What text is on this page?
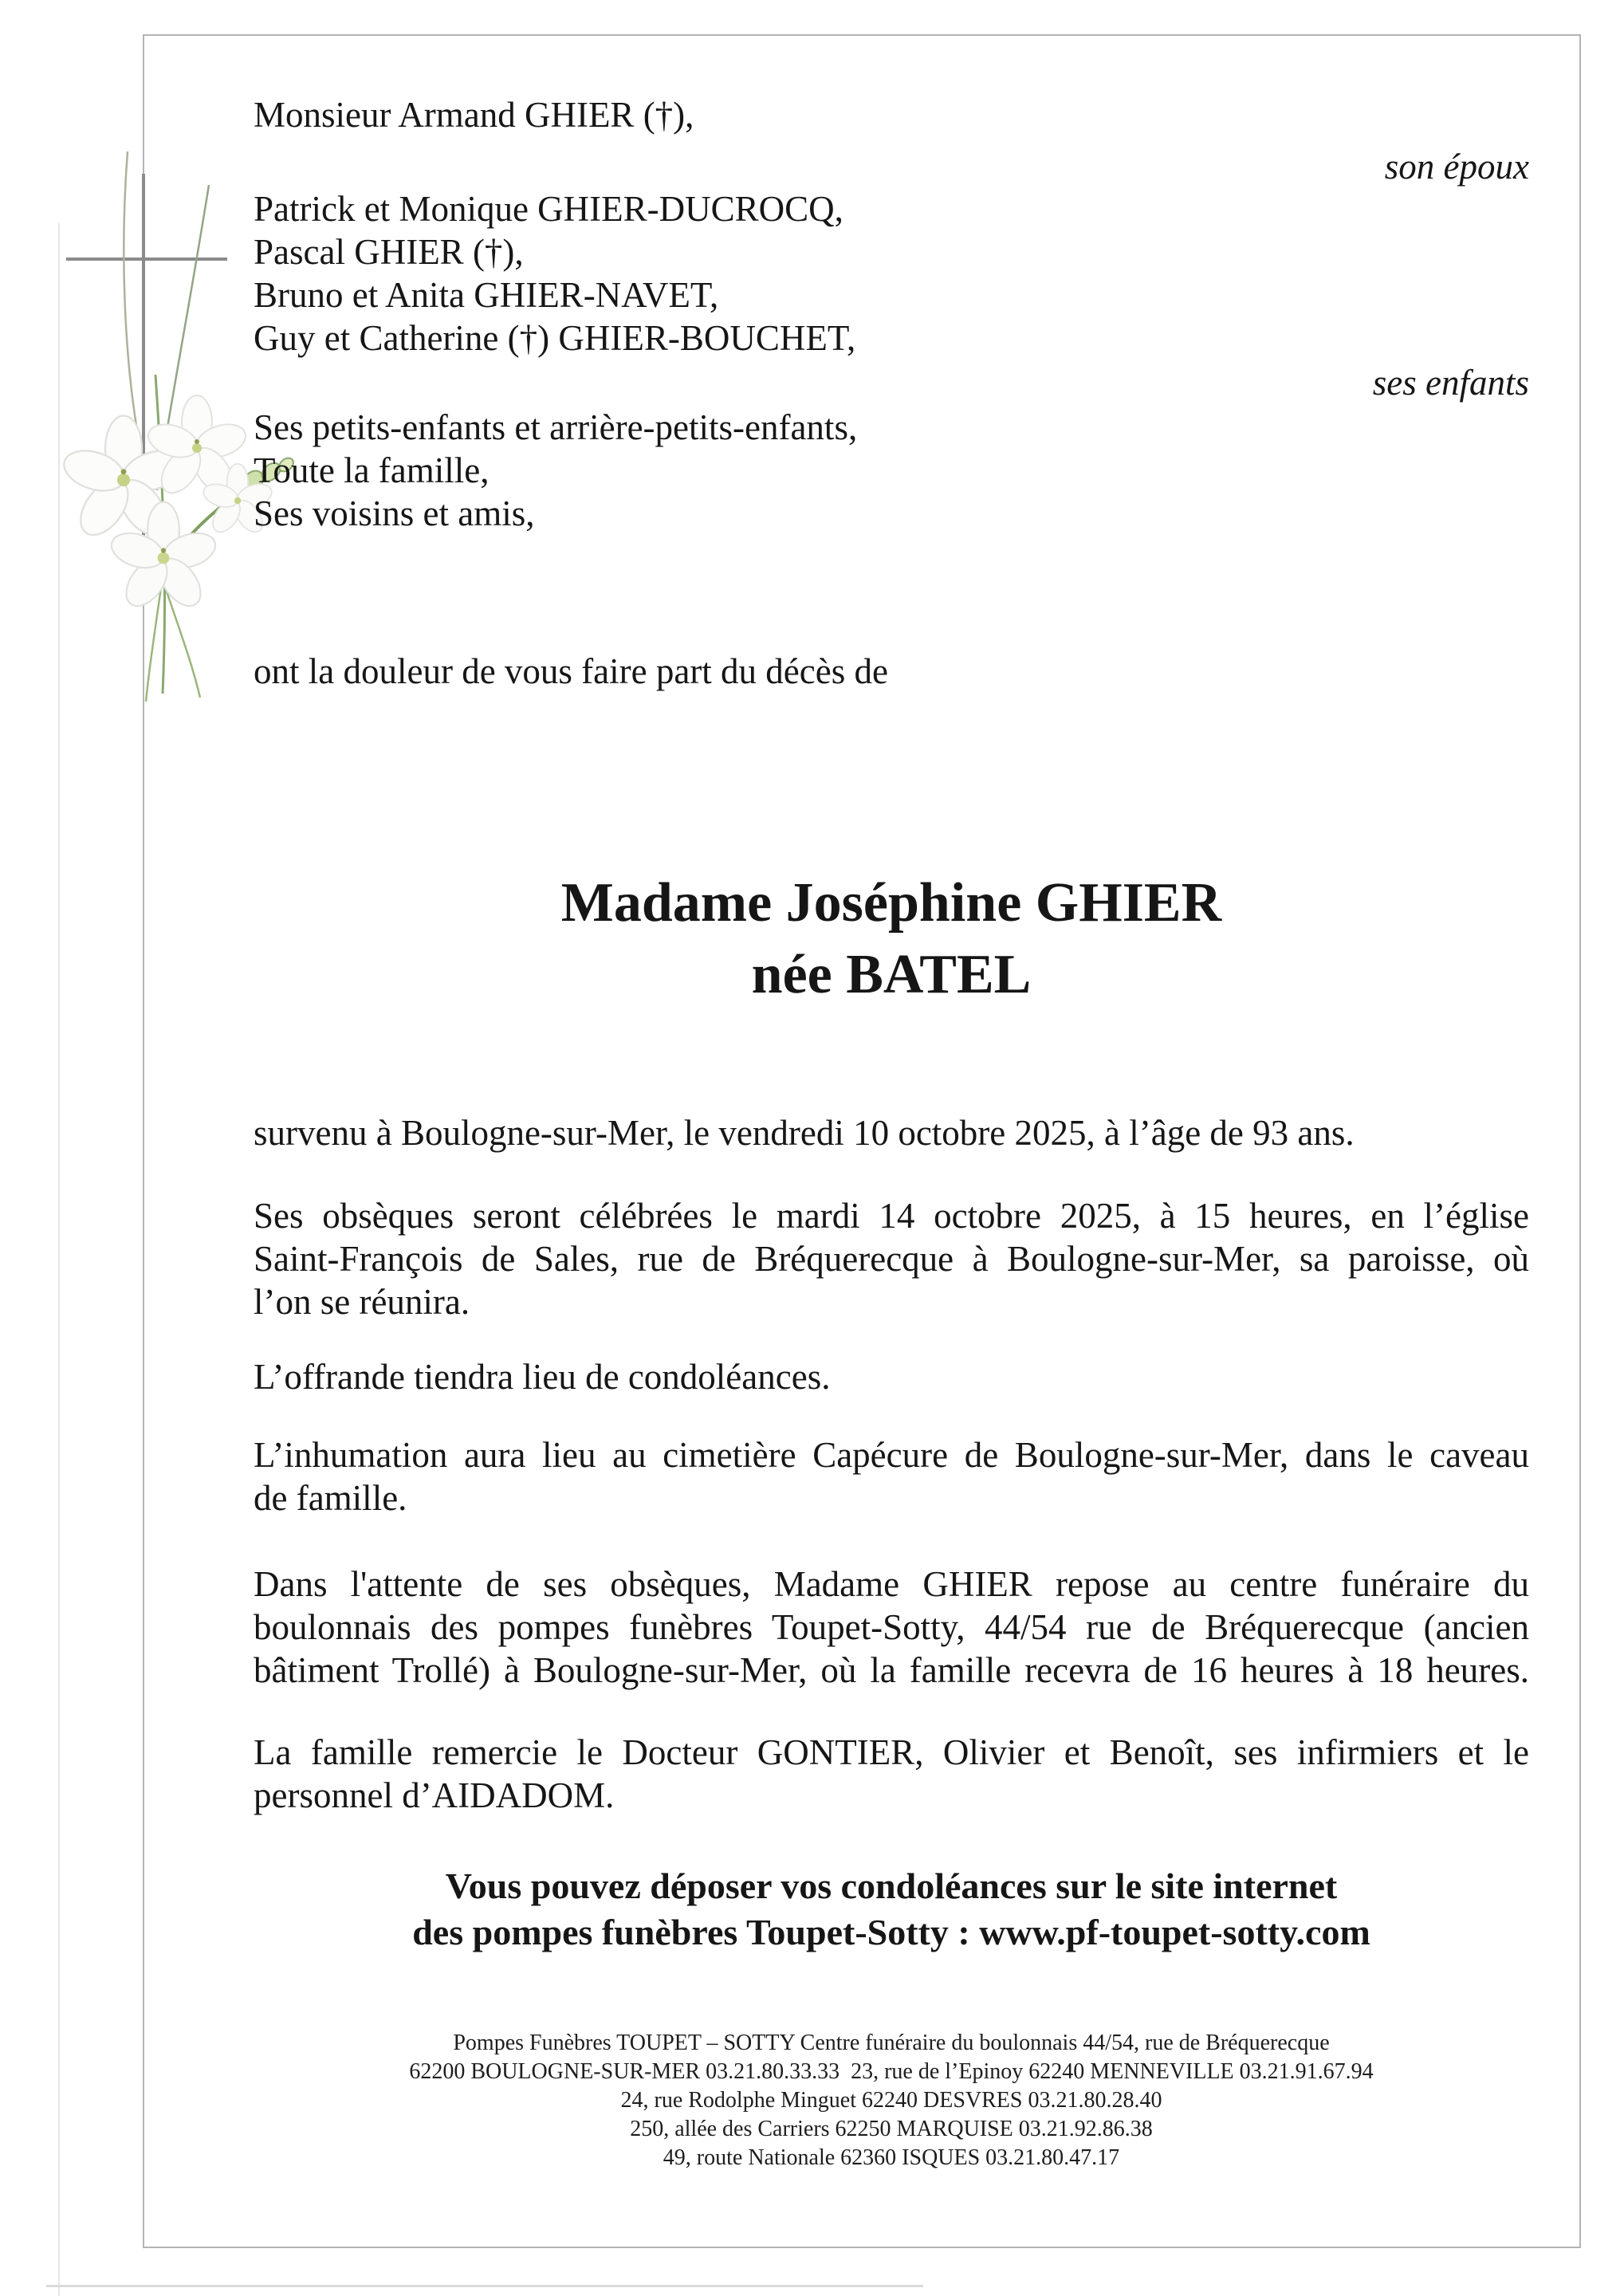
Monsieur Armand GHIER (†),
son époux
Patrick et Monique GHIER-DUCROCQ,
Pascal GHIER (†),
Bruno et Anita GHIER-NAVET,
Guy et Catherine (†) GHIER-BOUCHET,
ses enfants
Ses petits-enfants et arrière-petits-enfants,
Toute la famille,
Ses voisins et amis,
ont la douleur de vous faire part du décès de
Madame Joséphine GHIER
née BATEL
survenu à Boulogne-sur-Mer, le vendredi 10 octobre 2025, à l’âge de 93 ans.
Ses obsèques seront célébrées le mardi 14 octobre 2025, à 15 heures, en l’église
Saint-François de Sales, rue de Bréquerecque à Boulogne-sur-Mer, sa paroisse, où
l’on se réunira.
L’offrande tiendra lieu de condoléances.
L’inhumation aura lieu au cimetière Capécure de Boulogne-sur-Mer, dans le caveau
de famille.
Dans l'attente de ses obsèques, Madame GHIER repose au centre funéraire du
boulonnais des pompes funèbres Toupet-Sotty, 44/54 rue de Bréquerecque (ancien
bâtiment Trollé) à Boulogne-sur-Mer, où la famille recevra de 16 heures à 18 heures.
La famille remercie le Docteur GONTIER, Olivier et Benoît, ses infirmiers et le
personnel d’AIDADOM.
Vous pouvez déposer vos condoléances sur le site internet
des pompes funèbres Toupet-Sotty : www.pf-toupet-sotty.com
Pompes Funèbres TOUPET – SOTTY Centre funéraire du boulonnais 44/54, rue de Bréquerecque
62200 BOULOGNE-SUR-MER 03.21.80.33.33  23, rue de l’Epinoy 62240 MENNEVILLE 03.21.91.67.94
24, rue Rodolphe Minguet 62240 DESVRES 03.21.80.28.40
250, allée des Carriers 62250 MARQUISE 03.21.92.86.38
49, route Nationale 62360 ISQUES 03.21.80.47.17
